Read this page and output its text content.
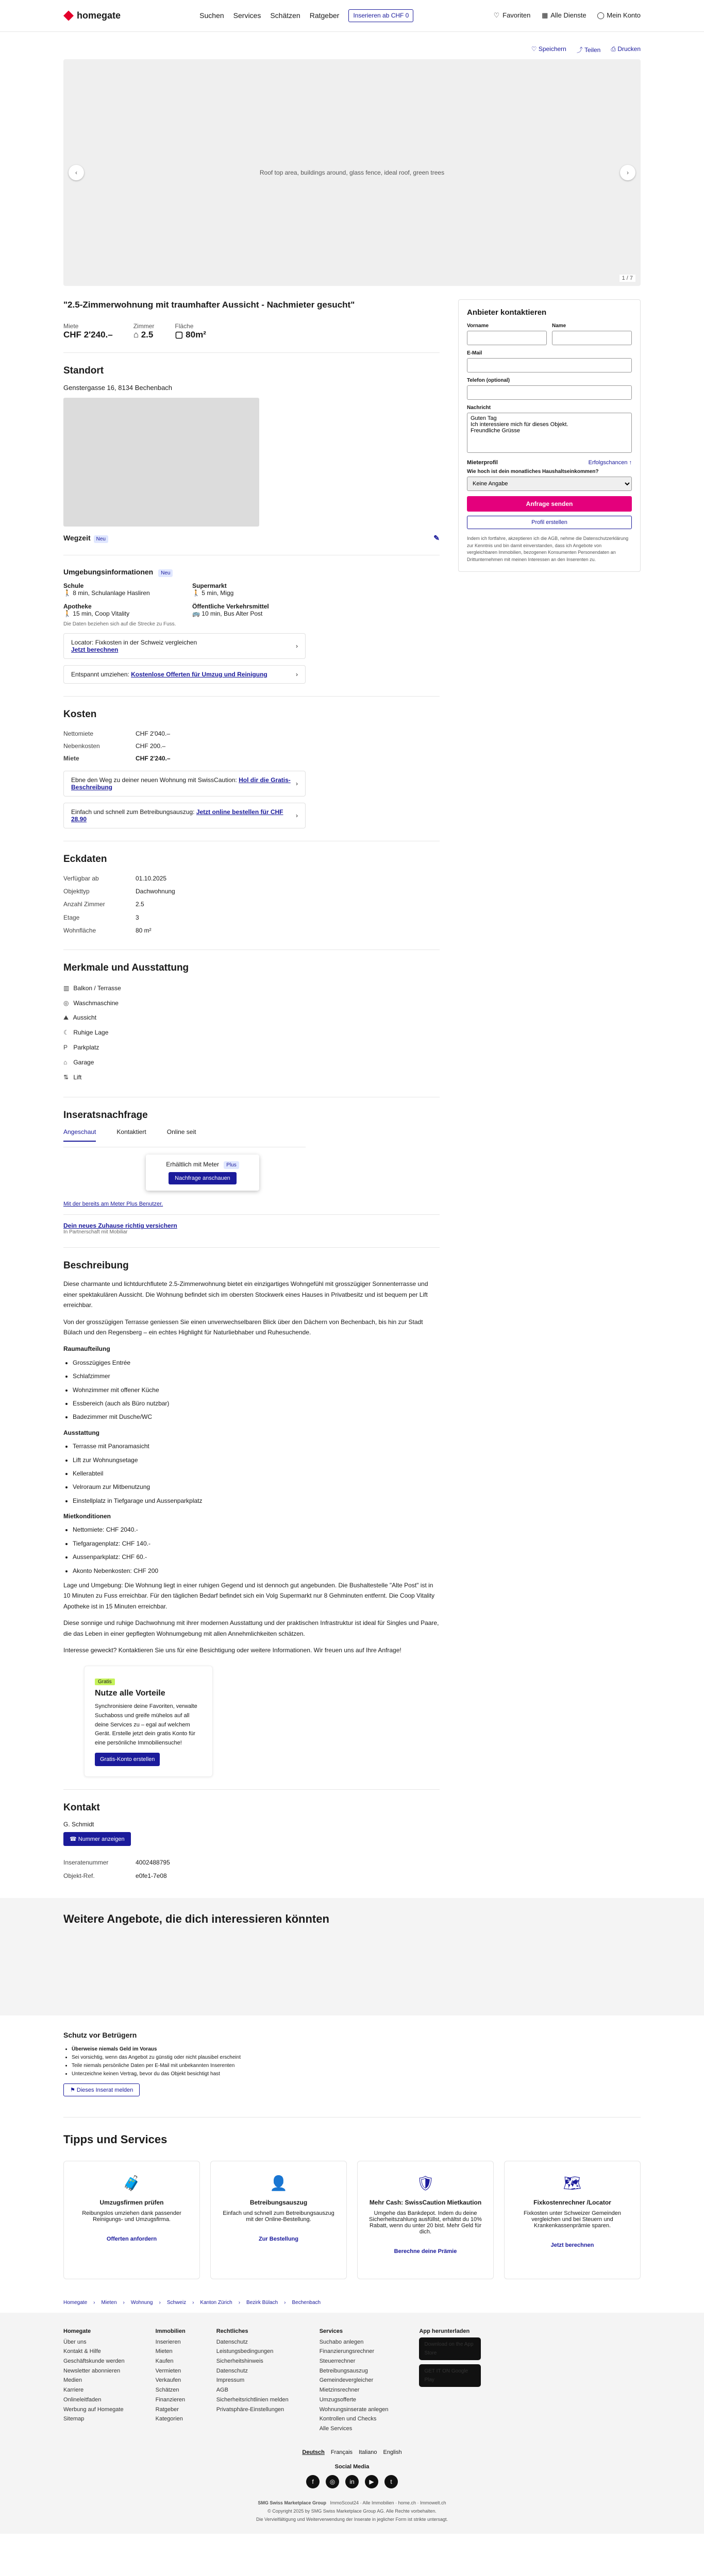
homegate	Suchen Services Schätzen Ratgeber	Inserieren ab CHF 0	♡ Favoriten ▦ Alle Dienste ◯ Mein Konto
♡ Speichern ⤴ Teilen ⎙ Drucken
Roof top area, buildings around, glass fence, ideal roof, green trees
‹	›
1 / 7
"2.5-Zimmerwohnung mit traumhafter Aussicht - Nachmieter gesucht"
Miete
CHF 2'240.–
Zimmer
⌂ 2.5
Fläche
▢ 80m²
Standort
Genstergasse 16, 8134 Bechenbach
Wegzeit Neu	✎
Umgebungsinformationen Neu
Schule
🚶 8 min, Schulanlage Hasliren
Supermarkt
🚶 5 min, Migg
Apotheke
🚶 15 min, Coop Vitality
Öffentliche Verkehrsmittel
🚌 10 min, Bus Alter Post
Die Daten beziehen sich auf die Strecke zu Fuss.
Locator: Fixkosten in der Schweiz vergleichen
Jetzt berechnen	›
Entspannt umziehen: Kostenlose Offerten für Umzug und Reinigung	›
Kosten
Nettomiete	CHF 2'040.–
Nebenkosten	CHF 200.–
Miete	CHF 2'240.–
Ebne den Weg zu deiner neuen Wohnung mit SwissCaution: Hol dir die Gratis-Beschreibung	›
Einfach und schnell zum Betreibungsauszug: Jetzt online bestellen für CHF 28.90	›
Eckdaten
Verfügbar ab	01.10.2025
Objekttyp	Dachwohnung
Anzahl Zimmer	2.5
Etage	3
Wohnfläche	80 m²
Merkmale und Ausstattung
▥ Balkon / Terrasse
◎ Waschmaschine
⛰ Aussicht
☾ Ruhige Lage
P Parkplatz
⌂ Garage
⇅ Lift
Inseratsnachfrage
Angeschaut	Kontaktiert	Online seit
Erhältlich mit Meter Plus
Nachfrage anschauen
Mit der bereits am Meter Plus Benutzer.
Dein neues Zuhause richtig versichern
In Partnerschaft mit Mobiliar
Beschreibung

Diese charmante und lichtdurchflutete 2.5-Zimmerwohnung bietet ein einzigartiges Wohngefühl mit grosszügiger Sonnenterrasse und einer spektakulären Aussicht. Die Wohnung befindet sich im obersten Stockwerk eines Hauses in Privatbesitz und ist bequem per Lift erreichbar.

Von der grosszügigen Terrasse geniessen Sie einen unverwechselbaren Blick über den Dächern von Bechenbach, bis hin zur Stadt Bülach und den Regensberg – ein echtes Highlight für Naturliebhaber und Ruhesuchende.

Raumaufteilung
• Grosszügiges Entrée
• Schlafzimmer
• Wohnzimmer mit offener Küche
• Essbereich (auch als Büro nutzbar)
• Badezimmer mit Dusche/WC
Ausstattung
• Terrasse mit Panoramasicht
• Lift zur Wohnungsetage
• Kellerabteil
• Velroraum zur Mitbenutzung
• Einstellplatz in Tiefgarage und Aussenparkplatz
Mietkonditionen
• Nettomiete: CHF 2040.-
• Tiefgaragenplatz: CHF 140.-
• Aussenparkplatz: CHF 60.-
• Akonto Nebenkosten: CHF 200

Lage und Umgebung: Die Wohnung liegt in einer ruhigen Gegend und ist dennoch gut angebunden. Die Bushaltestelle "Alte Post" ist in 10 Minuten zu Fuss erreichbar. Für den täglichen Bedarf befindet sich ein Volg Supermarkt nur 8 Gehminuten entfernt. Die Coop Vitality Apotheke ist in 15 Minuten erreichbar.

Diese sonnige und ruhige Dachwohnung mit ihrer modernen Ausstattung und der praktischen Infrastruktur ist ideal für Singles und Paare, die das Leben in einer gepflegten Wohnumgebung mit allen Annehmlichkeiten schätzen.

Interesse geweckt? Kontaktieren Sie uns für eine Besichtigung oder weitere Informationen. Wir freuen uns auf Ihre Anfrage!

Gratis
Nutze alle Vorteile
Synchronisiere deine Favoriten, verwalte Suchaboss und greife mühelos auf all deine Services zu – egal auf welchem Gerät. Erstelle jetzt dein gratis Konto für eine persönliche Immobiliensuche!
Gratis-Konto erstellen
Kontakt
G. Schmidt
☎ Nummer anzeigen
Inseratenummer	4002488795
Objekt-Ref.	e0fe1-7e08
Anbieter kontaktieren
Vorname	Name
E-Mail
Telefon (optional)
Nachricht
Guten Tag Ich interessiere mich für dieses Objekt. Freundliche Grüsse
Mieterprofil	Erfolgschancen ↑
Wie hoch ist dein monatliches Haushaltseinkommen?
Keine Angabe
Anfrage senden
Profil erstellen
Indem ich fortfahre, akzeptieren ich die AGB, nehme die Datenschutzerklärung zur Kenntnis und bin damit einverstanden, dass ich Angebote von vergleichbaren Immobilien, bezogenen Konsumenten Personendaten an Drittunternehmen mit meinen Interessen an den Inserenten zu.
Weitere Angebote, die dich interessieren könnten
Schutz vor Betrügern
• Überweise niemals Geld im Voraus
• Sei vorsichtig, wenn das Angebot zu günstig oder nicht plausibel erscheint
• Teile niemals persönliche Daten per E-Mail mit unbekannten Inserenten
• Unterzeichne keinen Vertrag, bevor du das Objekt besichtigt hast
⚑ Dieses Inserat melden
Tipps und Services
🧳
Umzugsfirmen prüfen
Reibungslos umziehen dank passender Reinigungs- und Umzugsfirma.
Offerten anfordern
👤
Betreibungsauszug
Einfach und schnell zum Betreibungsauszug mit der Online-Bestellung.
Zur Bestellung
🛡
Mehr Cash: SwissCaution Mietkaution
Umgehe das Bankdepot. Indem du deine Sicherheitszahlung ausfüllst, erhältst du 10% Rabatt, wenn du unter 20 bist. Mehr Geld für dich.
Berechne deine Prämie
🗺
Fixkostenrechner /Locator
Fixkosten unter Schweizer Gemeinden vergleichen und bei Steuern und Krankenkassenprämie sparen.
Jetzt berechnen
Homegate › Mieten › Wohnung › Schweiz › Kanton Zürich › Bezirk Bülach › Bechenbach
Homegate
Über uns
Kontakt & Hilfe
Geschäftskunde werden
Newsletter abonnieren
Medien
Karriere
Onlineleitfaden
Werbung auf Homegate
Sitemap
Immobilien
Inserieren
Mieten
Kaufen
Vermieten
Verkaufen
Schätzen
Finanzieren
Ratgeber
Kategorien
Rechtliches
Datenschutz
Leistungsbedingungen
Sicherheitshinweis
Datenschutz
Impressum
AGB
Sicherheitsrichtlinien melden
Privatsphäre-Einstellungen
Services
Suchabo anlegen
Finanzierungsrechner
Steuerrechner
Betreibungsauszug
Gemeindevergleicher
Mietzinsrechner
Umzugsofferte
Wohnungsinserate anlegen
Kontrollen und Checks
Alle Services
App herunterladen
Download on the App Store
GET IT ON Google Play
Deutsch Français Italiano English
Social Media
f	◎	in	▶	t
SMG Swiss Marketplace Group ImmoScout24 · Alle Immobilien · home.ch · Immowelt.ch
© Copyright 2025 by SMG Swiss Marketplace Group AG. Alle Rechte vorbehalten.
Die Vervielfältigung und Weiterverwendung der Inserate in jeglicher Form ist strikte untersagt.
